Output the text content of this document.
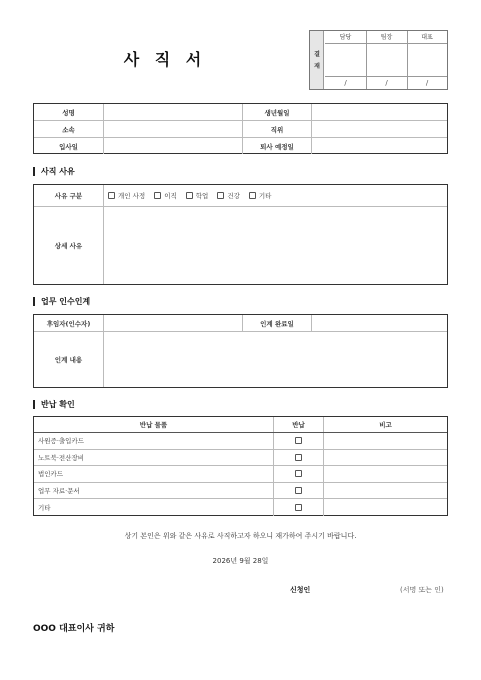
사 직 서	결
재
담당	팀장	대표
/	/	/
성명	생년월일
소속	직위
입사일	퇴사 예정일
사직 사유
사유 구분	개인 사정	이직	학업	건강	기타
상세 사유
업무 인수인계
후임자(인수자)	인계 완료일
인계 내용
반납 확인
반납 물품	반납	비고
사원증·출입카드
노트북·전산장비
법인카드
업무 자료·문서
기타
상기 본인은 위와 같은 사유로 사직하고자 하오니 재가하여 주시기 바랍니다.
2026년 9월 28일
신청인	(서명 또는 인)
OOO 대표이사 귀하
